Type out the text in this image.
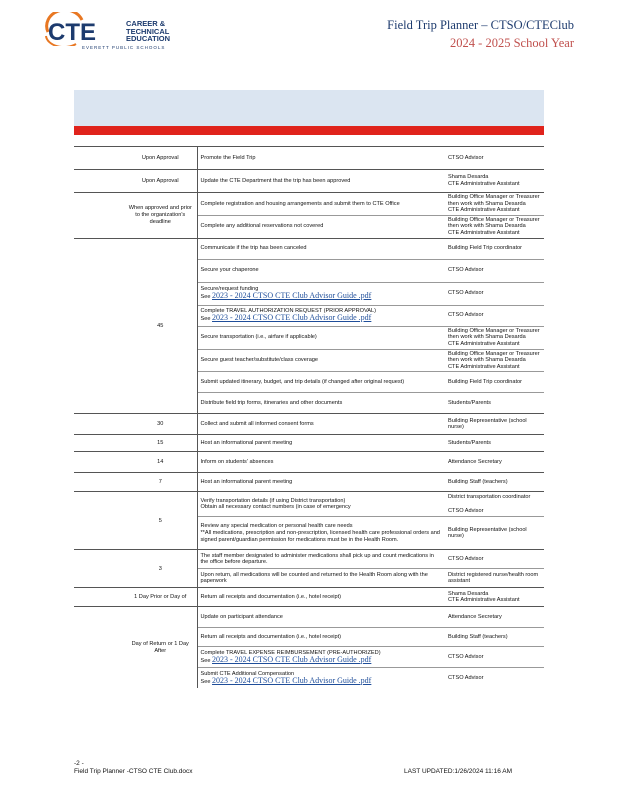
CTE	CAREER &
TECHNICAL
EDUCATION
EVERETT PUBLIC SCHOOLS
Field Trip Planner – CTSO/CTEClub
2024 - 2025 School Year

	Upon Approval	Promote the Field Trip	CTSO Advisor
	Upon Approval	Update the CTE Department that the trip has been approved	Shama Desarda
CTE Administrative Assistant
	When approved and prior to the organization's deadline	Complete registration and housing arrangements and submit them to CTE Office	Building Office Manager or Treasurer then work with Shama Desarda
CTE Administrative Assistant

		Complete any additional reservations not covered	Building Office Manager or Treasurer then work with Shama Desarda
CTE Administrative Assistant
	45	Communicate if the trip has been canceled	Building Field Trip coordinator

		Secure your chaperone	CTSO Advisor

		Secure/request funding
See 2023 - 2024 CTSO CTE Club Advisor Guide .pdf	CTSO Advisor

		Complete TRAVEL AUTHORIZATION REQUEST (PRIOR APPROVAL)
See 2023 - 2024 CTSO CTE Club Advisor Guide .pdf	CTSO Advisor

		Secure transportation (i.e., airfare if applicable)	Building Office Manager or Treasurer then work with Shama Desarda
CTE Administrative Assistant

		Secure guest teacher/substitute/class coverage	Building Office Manager or Treasurer then work with Shama Desarda
CTE Administrative Assistant

		Submit updated itinerary, budget, and trip details (if changed after original request)	Building Field Trip coordinator

		Distribute field trip forms, itineraries and other documents	Students/Parents
	30	Collect and submit all informed consent forms	Building Representative (school nurse)
	15	Host an informational parent meeting	Students/Parents
	14	Inform on students' absences	Attendance Secretary
	7	Host an informational parent meeting	Building Staff (teachers)
	5	Verify transportation details (if using District transportation)
Obtain all necessary contact numbers (in case of emergency	District transportation coordinator

CTSO Advisor

		Review any special medication or personal health care needs
**All medications, prescription and non-prescription, licensed health care professional orders and signed parent/guardian permission for medications must be in the Health Room.	Building Representative (school nurse)
	3	The staff member designated to administer medications shall pick up and count medications in the office before departure.	CTSO Advisor

		Upon return, all medications will be counted and returned to the Health Room along with the paperwork	District registered nurse/health room assistant
	1 Day Prior or Day of	Return all receipts and documentation (i.e., hotel receipt)	Shama Desarda
CTE Administrative Assistant
	Day of Return or 1 Day After	Update on participant attendance	Attendance Secretary

		Return all receipts and documentation (i.e., hotel receipt)	Building Staff (teachers)

		Complete TRAVEL EXPENSE REIMBURSEMENT (PRE-AUTHORIZED)
See 2023 - 2024 CTSO CTE Club Advisor Guide .pdf	CTSO Advisor

		Submit CTE Additional Compensation
See 2023 - 2024 CTSO CTE Club Advisor Guide .pdf	CTSO Advisor
-2 -
Field Trip Planner -CTSO CTE Club.docx	LAST UPDATED:1/26/2024 11:16 AM
